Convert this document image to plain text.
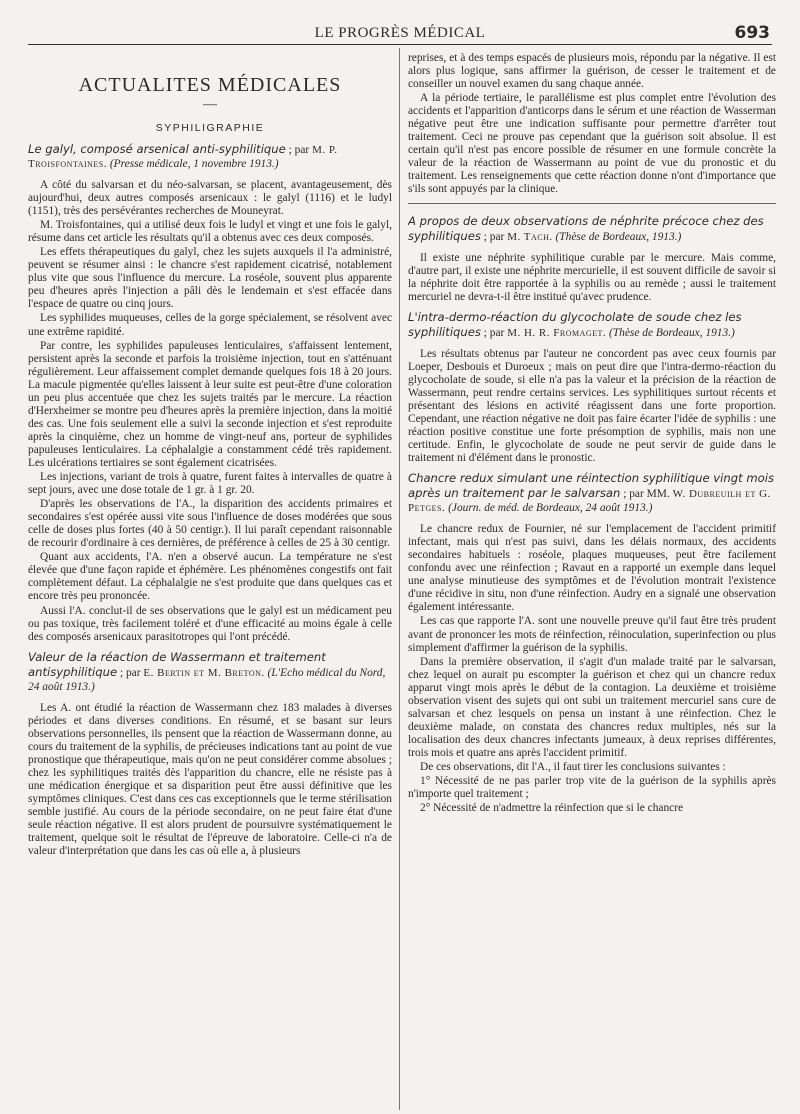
LE PROGRÈS MÉDICAL	693
ACTUALITES MÉDICALES
—
SYPHILIGRAPHIE
Le galyl, composé arsenical anti-syphilitique ; par M. P. Troisfontaines. (Presse médicale, 1 novembre 1913.)

A côté du salvarsan et du néo-salvarsan, se placent, avantageusement, dès aujourd'hui, deux autres composés arsenicaux : le galyl (1116) et le ludyl (1151), très des persévérantes recherches de Mouneyrat.

M. Troisfontaines, qui a utilisé deux fois le ludyl et vingt et une fois le galyl, résume dans cet article les résultats qu'il a obtenus avec ces deux composés.

Les effets thérapeutiques du galyl, chez les sujets auxquels il l'a administré, peuvent se résumer ainsi : le chancre s'est rapidement cicatrisé, notablement plus vite que sous l'influence du mercure. La roséole, souvent plus apparente peu d'heures après l'injection a pâli dès le lendemain et s'est effacée dans l'espace de quatre ou cinq jours.

Les syphilides muqueuses, celles de la gorge spécialement, se résolvent avec une extrême rapidité.

Par contre, les syphilides papuleuses lenticulaires, s'affaissent lentement, persistent après la seconde et parfois la troisième injection, tout en s'atténuant régulièrement. Leur affaissement complet demande quelques fois 18 à 20 jours. La macule pigmentée qu'elles laissent à leur suite est peut-être d'une coloration un peu plus accentuée que chez les sujets traités par le mercure. La réaction d'Herxheimer se montre peu d'heures après la première injection, dans la moitié des cas. Une fois seulement elle a suivi la seconde injection et s'est reproduite après la cinquième, chez un homme de vingt-neuf ans, porteur de syphilides papuleuses lenticulaires. La céphalalgie a constamment cédé très rapidement. Les ulcérations tertiaires se sont également cicatrisées.

Les injections, variant de trois à quatre, furent faites à intervalles de quatre à sept jours, avec une dose totale de 1 gr. à 1 gr. 20.

D'après les observations de l'A., la disparition des accidents primaires et secondaires s'est opérée aussi vite sous l'influence de doses modérées que sous celle de doses plus fortes (40 à 50 centigr.). Il lui paraît cependant raisonnable de recourir d'ordinaire à ces dernières, de préférence à celles de 25 à 30 centigr.

Quant aux accidents, l'A. n'en a observé aucun. La température ne s'est élevée que d'une façon rapide et éphémère. Les phénomènes congestifs ont fait complètement défaut. La céphalalgie ne s'est produite que dans quelques cas et encore très peu prononcée.

Aussi l'A. conclut-il de ses observations que le galyl est un médicament peu ou pas toxique, très facilement toléré et d'une efficacité au moins égale à celle des composés arsenicaux parasitotropes qui l'ont précédé.

Valeur de la réaction de Wassermann et traitement antisyphilitique ; par E. Bertin et M. Breton. (L'Echo médical du Nord, 24 août 1913.)

Les A. ont étudié la réaction de Wassermann chez 183 malades à diverses périodes et dans diverses conditions. En résumé, et se basant sur leurs observations personnelles, ils pensent que la réaction de Wassermann donne, au cours du traitement de la syphilis, de précieuses indications tant au point de vue pronostique que thérapeutique, mais qu'on ne peut considérer comme absolues ; chez les syphilitiques traités dès l'apparition du chancre, elle ne résiste pas à une médication énergique et sa disparition peut être aussi définitive que les symptômes cliniques. C'est dans ces cas exceptionnels que le terme stérilisation semble justifié. Au cours de la période secondaire, on ne peut faire état d'une seule réaction négative. Il est alors prudent de poursuivre systématiquement le traitement, quelque soit le résultat de l'épreuve de laboratoire. Celle-ci n'a de valeur d'interprétation que dans les cas où elle a, à plusieurs

reprises, et à des temps espacés de plusieurs mois, répondu par la négative. Il est alors plus logique, sans affirmer la guérison, de cesser le traitement et de conseiller un nouvel examen du sang chaque année.

A la période tertiaire, le parallélisme est plus complet entre l'évolution des accidents et l'apparition d'anticorps dans le sérum et une réaction de Wasserman négative peut être une indication suffisante pour permettre d'arrêter tout traitement. Ceci ne prouve pas cependant que la guérison soit absolue. Il est certain qu'il n'est pas encore possible de résumer en une formule concrète la valeur de la réaction de Wassermann au point de vue du pronostic et du traitement. Les renseignements que cette réaction donne n'ont d'importance que s'ils sont appuyés par la clinique.

A propos de deux observations de néphrite précoce chez des syphilitiques ; par M. Tach. (Thèse de Bordeaux, 1913.)

Il existe une néphrite syphilitique curable par le mercure. Mais comme, d'autre part, il existe une néphrite mercurielle, il est souvent difficile de savoir si la néphrite doit être rapportée à la syphilis ou au remède ; aussi le traitement mercuriel ne devra-t-il être institué qu'avec prudence.

L'intra-dermo-réaction du glycocholate de soude chez les syphilitiques ; par M. H. R. Fromaget. (Thèse de Bordeaux, 1913.)

Les résultats obtenus par l'auteur ne concordent pas avec ceux fournis par Loeper, Desbouis et Duroeux ; mais on peut dire que l'intra-dermo-réaction du glycocholate de soude, si elle n'a pas la valeur et la précision de la réaction de Wassermann, peut rendre certains services. Les syphilitiques surtout récents et présentant des lésions en activité réagissent dans une forte proportion. Cependant, une réaction négative ne doit pas faire écarter l'idée de syphilis : une réaction positive constitue une forte présomption de syphilis, mais non une certitude. Enfin, le glycocholate de soude ne peut servir de guide dans le traitement ni d'élément dans le pronostic.

Chancre redux simulant une réintection syphilitique vingt mois après un traitement par le salvarsan ; par MM. W. Dubreuilh et G. Petges. (Journ. de méd. de Bordeaux, 24 août 1913.)

Le chancre redux de Fournier, né sur l'emplacement de l'accident primitif infectant, mais qui n'est pas suivi, dans les délais normaux, des accidents secondaires habituels : roséole, plaques muqueuses, peut être facilement confondu avec une réinfection ; Ravaut en a rapporté un exemple dans lequel une analyse minutieuse des symptômes et de l'évolution montrait l'existence d'une récidive in situ, non d'une réinfection. Audry en a signalé une observation également intéressante.

Les cas que rapporte l'A. sont une nouvelle preuve qu'il faut être très prudent avant de prononcer les mots de réinfection, réinoculation, superinfection ou plus simplement d'affirmer la guérison de la syphilis.

Dans la première observation, il s'agit d'un malade traité par le salvarsan, chez lequel on aurait pu escompter la guérison et chez qui un chancre redux apparut vingt mois après le début de la contagion. La deuxième et troisième observation visent des sujets qui ont subi un traitement mercuriel sans cure de salvarsan et chez lesquels on pensa un instant à une réinfection. Chez le deuxième malade, on constata des chancres redux multiples, nés sur la localisation des deux chancres infectants jumeaux, à deux reprises différentes, trois mois et quatre ans après l'accident primitif.

De ces observations, dit l'A., il faut tirer les conclusions suivantes :

1° Nécessité de ne pas parler trop vite de la guérison de la syphilis après n'importe quel traitement ;

2° Nécessité de n'admettre la réinfection que si le chancre
